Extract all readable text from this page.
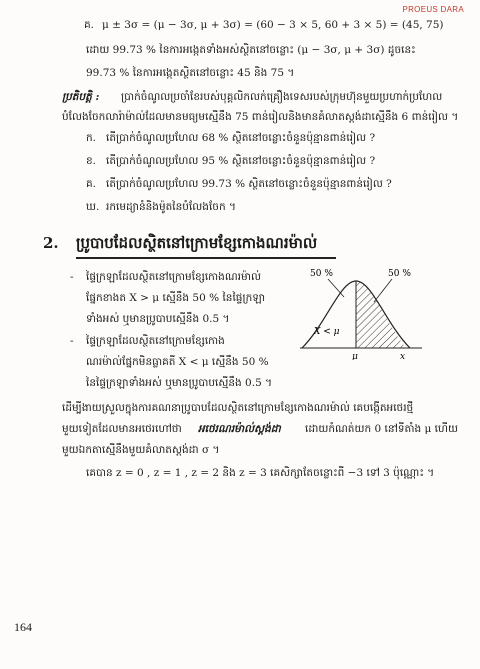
PROEUS DARA
គ. μ ± 3σ = (μ − 3σ, μ + 3σ) = (60 − 3 × 5, 60 + 3 × 5) = (45, 75)
ដោយ 99.73 % នៃការអង្កេតទាំងអស់ស្ថិតនៅចន្លោះ (μ − 3σ, μ + 3σ) ដូចនេះ
99.73 % នៃការអង្កេតស្ថិតនៅចន្លោះ 45 និង 75 ។
ប្រតិបត្តិ : ប្រាក់ចំណូលប្រចាំខែរបស់បុគ្គលិកលក់គ្រឿងទេសរបស់ក្រុមហ៊ុនមួយប្រហាក់ប្រហែល
បំលែងចែកលារ៉ាម៉ាល់ដែលមានមធ្យមស្មើនឹង 75 ពាន់រៀលនិងមានគំលាតស្ដង់ដាស្មើនឹង 6 ពាន់រៀល ។
ក. តើប្រាក់ចំណូលប្រហែល 68 % ស្ថិតនៅចន្លោះចំនួនប៉ុន្មានពាន់រៀល ?
ខ. តើប្រាក់ចំណូលប្រហែល 95 % ស្ថិតនៅចន្លោះចំនួនប៉ុន្មានពាន់រៀល ?
គ. តើប្រាក់ចំណូលប្រហែល 99.73 % ស្ថិតនៅចន្លោះចំនួនប៉ុន្មានពាន់រៀល ?
ឃ. រកមេដ្យានំនិងម៉ូតនៃបំលែងចែក ។
2. ប្រូបាបដែលស្ថិតនៅក្រោមខ្សែកោងណរម៉ាល់
- ផ្ទៃក្រឡាដែលស្ថិតនៅក្រោមខ្សែកោងណរម៉ាល់
ផ្នែកខាងត X > μ ស្មើនឹង 50 % នៃផ្ទៃក្រឡា
ទាំងអស់ ឬមានប្រូបាបស្មើនឹង 0.5 ។
- ផ្ទៃក្រឡាដែលស្ថិតនៅក្រោមខ្សែកោង
ណរម៉ាល់ផ្នែកមិនធ្លាគតី X < μ ស្មើនឹង 50 %
នៃផ្ទៃក្រឡាទាំងអស់ ឬមានប្រូបាបស្មើនឹង 0.5 ។
50 %	50 %
X < μ
μ	x
ដើម្បីងាយស្រួលក្នុងការគណនាប្រូបាបដែលស្ថិតនៅក្រោមខ្សែកោងណរម៉ាល់ គេបង្កើតអថេរថ្មី
មួយទៀតដែលមានអថេរហៅថា អថេរណរម៉ាល់ស្ដង់ដា ដោយកំណត់យក 0 នៅទីតាំង μ ហើយ
មួយឯកតាស្មើនឹងមួយគំលាតស្ដង់ដា σ ។
គេបាន z = 0 , z = 1 , z = 2 និង z = 3 គេសិក្សាតែចន្លោះពី −3 ទៅ 3 ប៉ុណ្ណោះ ។
164
